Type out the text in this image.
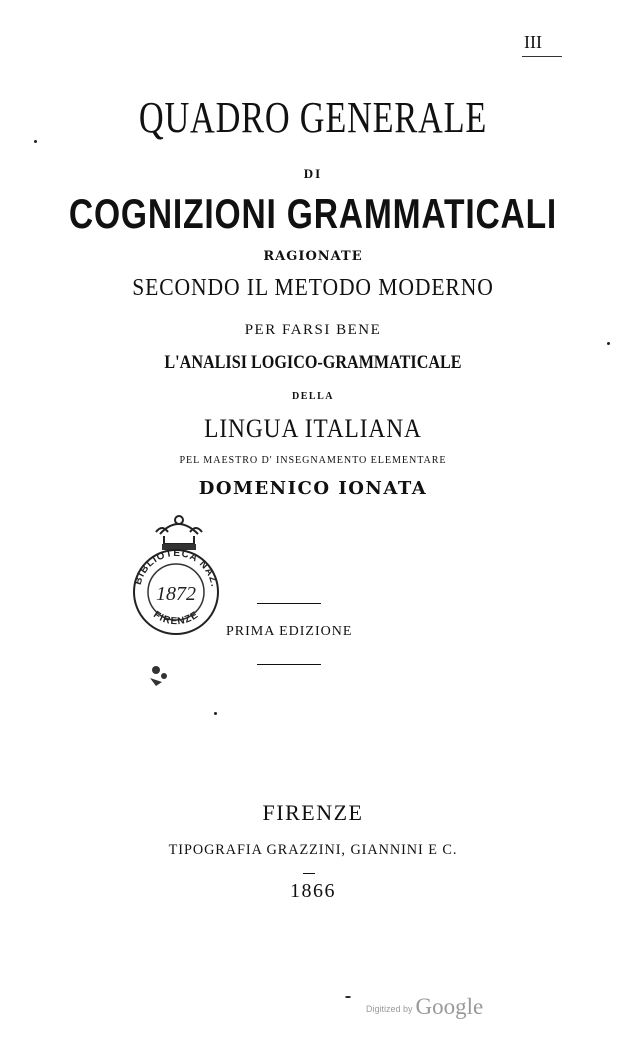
III
QUADRO GENERALE
DI
COGNIZIONI GRAMMATICALI
RAGIONATE
SECONDO IL METODO MODERNO
PER FARSI BENE
L'ANALISI LOGICO-GRAMMATICALE
DELLA
LINGUA ITALIANA
PEL MAESTRO D' INSEGNAMENTO ELEMENTARE
DOMENICO IONATA
BIBLIOTECA NAZ.
FIRENZE
1872
PRIMA EDIZIONE
FIRENZE
TIPOGRAFIA GRAZZINI, GIANNINI E C.
1866
Digitized by Google
